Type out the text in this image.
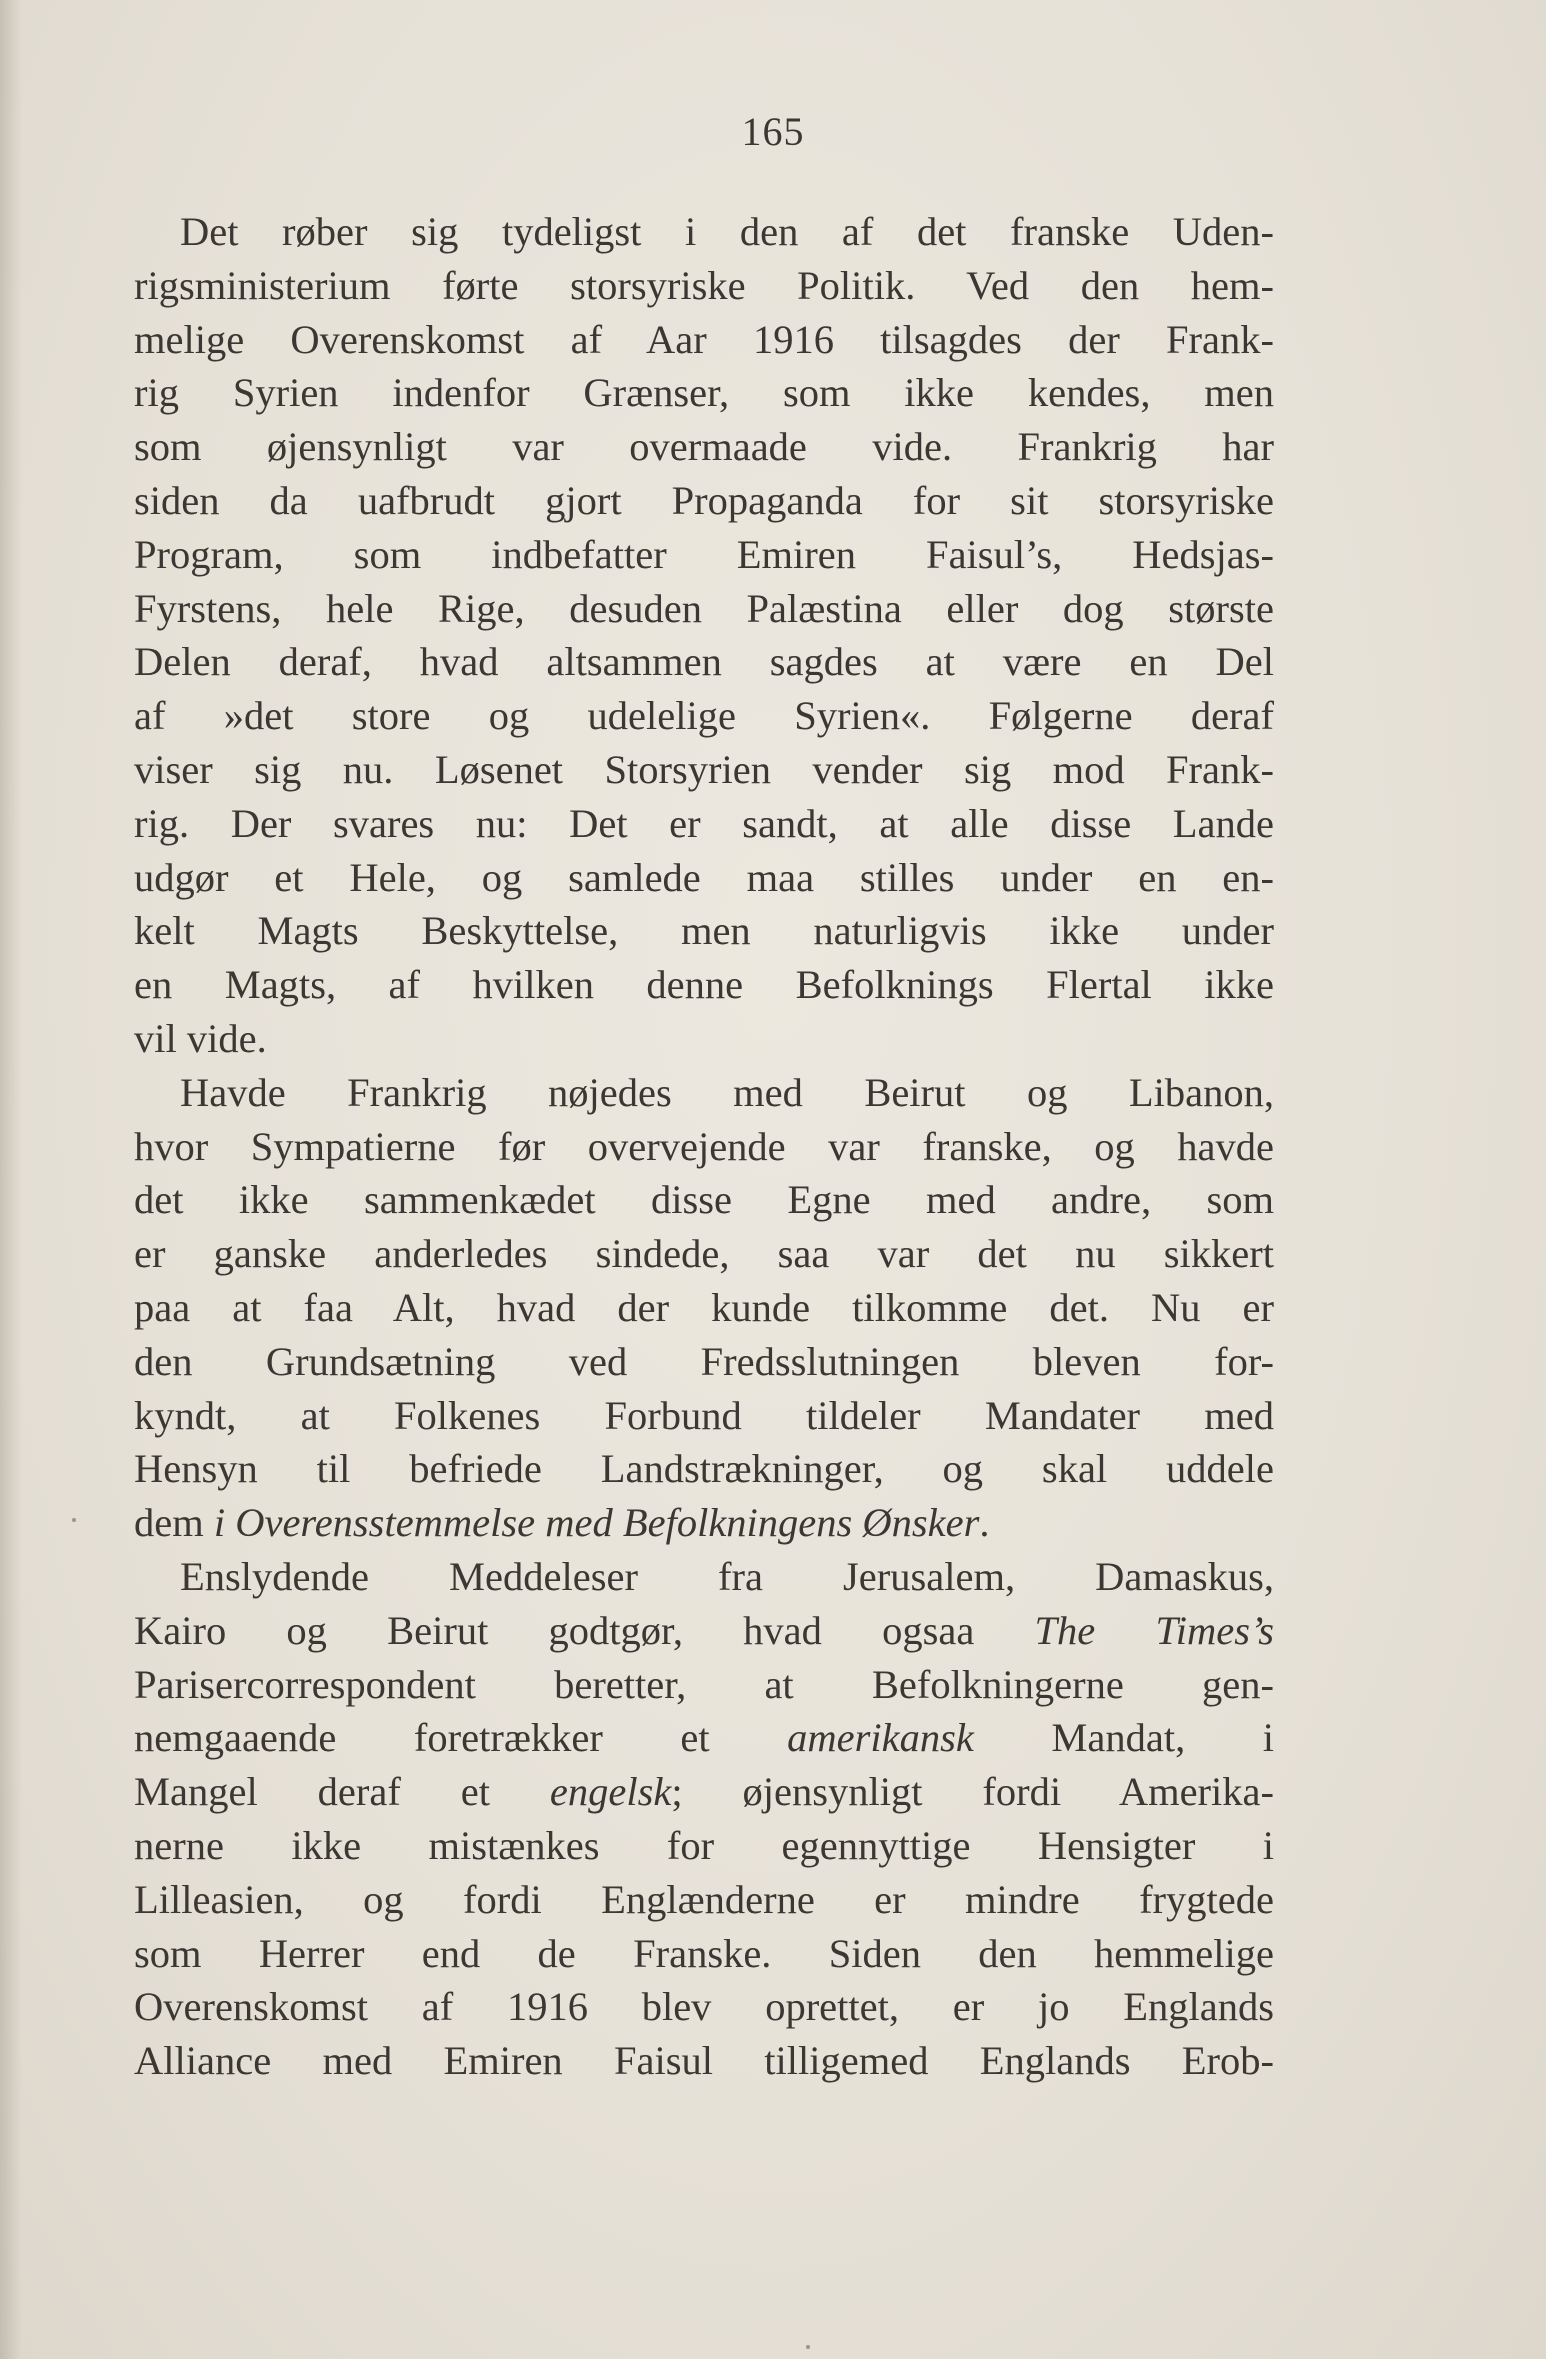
165
Det røber sig tydeligst i den af det franske Uden-
rigsministerium førte storsyriske Politik. Ved den hem-
melige Overenskomst af Aar 1916 tilsagdes der Frank-
rig Syrien indenfor Grænser, som ikke kendes, men
som øjensynligt var overmaade vide. Frankrig har
siden da uafbrudt gjort Propaganda for sit storsyriske
Program, som indbefatter Emiren Faisul’s, Hedsjas-
Fyrstens, hele Rige, desuden Palæstina eller dog største
Delen deraf, hvad altsammen sagdes at være en Del
af »det store og udelelige Syrien«. Følgerne deraf
viser sig nu. Løsenet Storsyrien vender sig mod Frank-
rig. Der svares nu: Det er sandt, at alle disse Lande
udgør et Hele, og samlede maa stilles under en en-
kelt Magts Beskyttelse, men naturligvis ikke under
en Magts, af hvilken denne Befolknings Flertal ikke
vil vide.
Havde Frankrig nøjedes med Beirut og Libanon,
hvor Sympatierne før overvejende var franske, og havde
det ikke sammenkædet disse Egne med andre, som
er ganske anderledes sindede, saa var det nu sikkert
paa at faa Alt, hvad der kunde tilkomme det. Nu er
den Grundsætning ved Fredsslutningen bleven for-
kyndt, at Folkenes Forbund tildeler Mandater med
Hensyn til befriede Landstrækninger, og skal uddele
dem i Overensstemmelse med Befolkningens Ønsker.
Enslydende Meddeleser fra Jerusalem, Damaskus,
Kairo og Beirut godtgør, hvad ogsaa The Times’s
Parisercorrespondent beretter, at Befolkningerne gen-
nemgaaende foretrækker et amerikansk Mandat, i
Mangel deraf et engelsk; øjensynligt fordi Amerika-
nerne ikke mistænkes for egennyttige Hensigter i
Lilleasien, og fordi Englænderne er mindre frygtede
som Herrer end de Franske. Siden den hemmelige
Overenskomst af 1916 blev oprettet, er jo Englands
Alliance med Emiren Faisul tilligemed Englands Erob-
